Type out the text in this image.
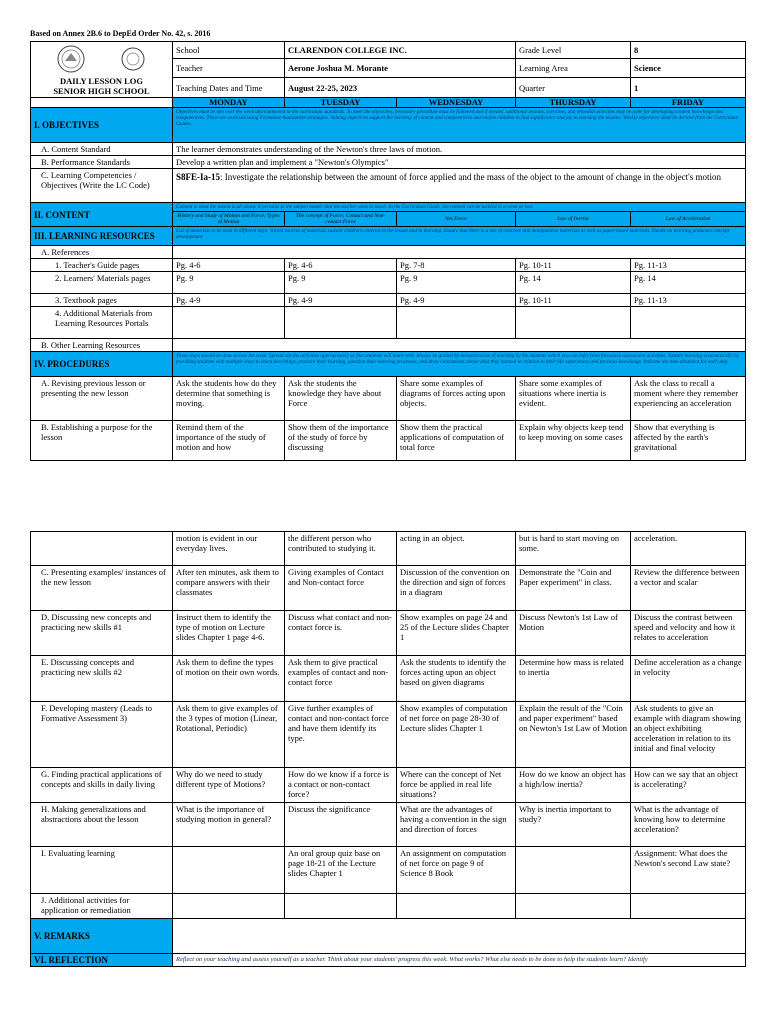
Based on Annex 2B.6 to DepEd Order No. 42, s. 2016
DAILY LESSON LOG
SENIOR HIGH SCHOOL	School	CLARENDON COLLEGE INC.		Grade Level	8
	Teacher	Aerone Joshua M. Morante		Learning Area	Science
	Teaching Dates and Time	August 22-25, 2023		Quarter	1
	MONDAY	TUESDAY	WEDNESDAY	THURSDAY	FRIDAY
I. OBJECTIVES	Objectives must be met over the week and connected to the curriculum standards. To meet the objectives, necessary procedure must be followed and if needed, additional lessons, exercises, and remedial activities may be done for developing content knowledge and competencies. These are assessed using Formative Assessment strategies. Valuing objectives support the learning of content and competencies and enable children to find significance and joy in learning the lessons. Weekly objectives shall be derived from the Curriculum Guides.				
A. Content Standard	The learner demonstrates understanding of the Newton's three laws of motion.				
B. Performance Standards	Develop a written plan and implement a "Newton's Olympics"				
C. Learning Competencies / Objectives (Write the LC Code)	S8FE-Ia-15: Investigate the relationship between the amount of force applied and the mass of the object to the amount of change in the object's motion				
II. CONTENT	Content is what the lesson is all about. It pertains to the subject matter that the teacher aims to teach. In the Curriculum Guide, the content can be tackled in a week or two.				
	History and Study of Motion and Force; Types of Motion	The concept of Force; Contact and Non-contact Force	Net Force	Law of Inertia	Law of Acceleration
III. LEARNING RESOURCES	List of materials to be used in different days. Varied sources of materials sustain children's interest in the lesson and in learning. Ensure that there is a mix of concrete and manipulative materials as well as paper-based materials. Hands-on learning promotes concept development.				
A. References					
1. Teacher's Guide pages	Pg. 4-6	Pg. 4-6	Pg. 7-8	Pg. 10-11	Pg. 11-13
2. Learners' Materials pages	Pg. 9	Pg. 9	Pg. 9	Pg. 14	Pg. 14
3. Textbook pages	Pg. 4-9	Pg. 4-9	Pg. 4-9	Pg. 10-11	Pg. 11-13
4. Additional Materials from Learning Resources Portals					
B. Other Learning Resources					
IV. PROCEDURES	These steps should be done across the week. Spread out the activities appropriately so that students will learn well. Always be guided by demonstration of learning by the students which you can infer from formative assessment activities. Sustain learning systematically by providing students with multiple ways to learn new things, practice their learning, question their learning processes, and draw conclusions about what they learned in relation to their life experiences and previous knowledge. Indicate the time allotment for each step.				
A. Revising previous lesson or presenting the new lesson	Ask the students how do they determine that something is moving.	Ask the students the knowledge they have about Force	Share some examples of diagrams of forces acting upon objects.	Share some examples of situations where inertia is evident.	Ask the class to recall a moment where they remember experiencing an acceleration
B. Establishing a purpose for the lesson	Remind them of the importance of the study of motion and how	Show them of the importance of the study of force by discussing	Show them the practical applications of computation of total force	Explain why objects keep tend to keep moving on some cases	Show that everything is affected by the earth's gravitational
	motion is evident in our everyday lives.	the different person who contributed to studying it.	acting in an object.	but is hard to start moving on some.	acceleration.
C. Presenting examples/ instances of the new lesson	After ten minutes, ask them to compare answers with their classmates	Giving examples of Contact and Non-contact force	Discussion of the convention on the direction and sign of forces in a diagram	Demonstrate the "Coin and Paper experiment" in class.	Review the difference between a vector and scalar
D. Discussing new concepts and practicing new skills #1	Instruct them to identify the type of motion on Lecture slides Chapter 1 page 4-6.	Discuss what contact and non-contact force is.	Show examples on page 24 and 25 of the Lecture slides Chapter 1	Discuss Newton's 1st Law of Motion	Discuss the contrast between speed and velocity and how it relates to acceleration
E. Discussing concepts and practicing new skills #2	Ask them to define the types of motion on their own words.	Ask them to give practical examples of contact and non-contact force	Ask the students to identify the forces acting upon an object based on given diagrams	Determine how mass is related to inertia	Define acceleration as a change in velocity
F. Developing mastery (Leads to Formative Assessment 3)	Ask them to give examples of the 3 types of motion (Linear, Rotational, Periodic)	Give further examples of contact and non-contact force and have them identify its type.	Show examples of computation of net force on page 28-30 of Lecture slides Chapter 1	Explain the result of the "Coin and paper experiment" based on Newton's 1st Law of Motion	Ask students to give an example with diagram showing an object exhibiting acceleration in relation to its initial and final velocity
G. Finding practical applications of concepts and skills in daily living	Why do we need to study different type of Motions?	How do we know if a force is a contact or non-contact force?	Where can the concept of Net force be applied in real life situations?	How do we know an object has a high/low inertia?	How can we say that an object is accelerating?
H. Making generalizations and abstractions about the lesson	What is the importance of studying motion in general?	Discuss the significance	What are the advantages of having a convention in the sign and direction of forces	Why is inertia important to study?	What is the advantage of knowing how to determine acceleration?
I. Evaluating learning		An oral group quiz base on page 18-21 of the Lecture slides Chapter 1	An assignment on computation of net force on page 9 of Science 8 Book		Assignment: What does the Newton's second Law state?
J. Additional activities for application or remediation					
V. REMARKS					
VI. REFLECTION	Reflect on your teaching and assess yourself as a teacher. Think about your students' progress this week. What works? What else needs to be done to help the students learn? Identify				
